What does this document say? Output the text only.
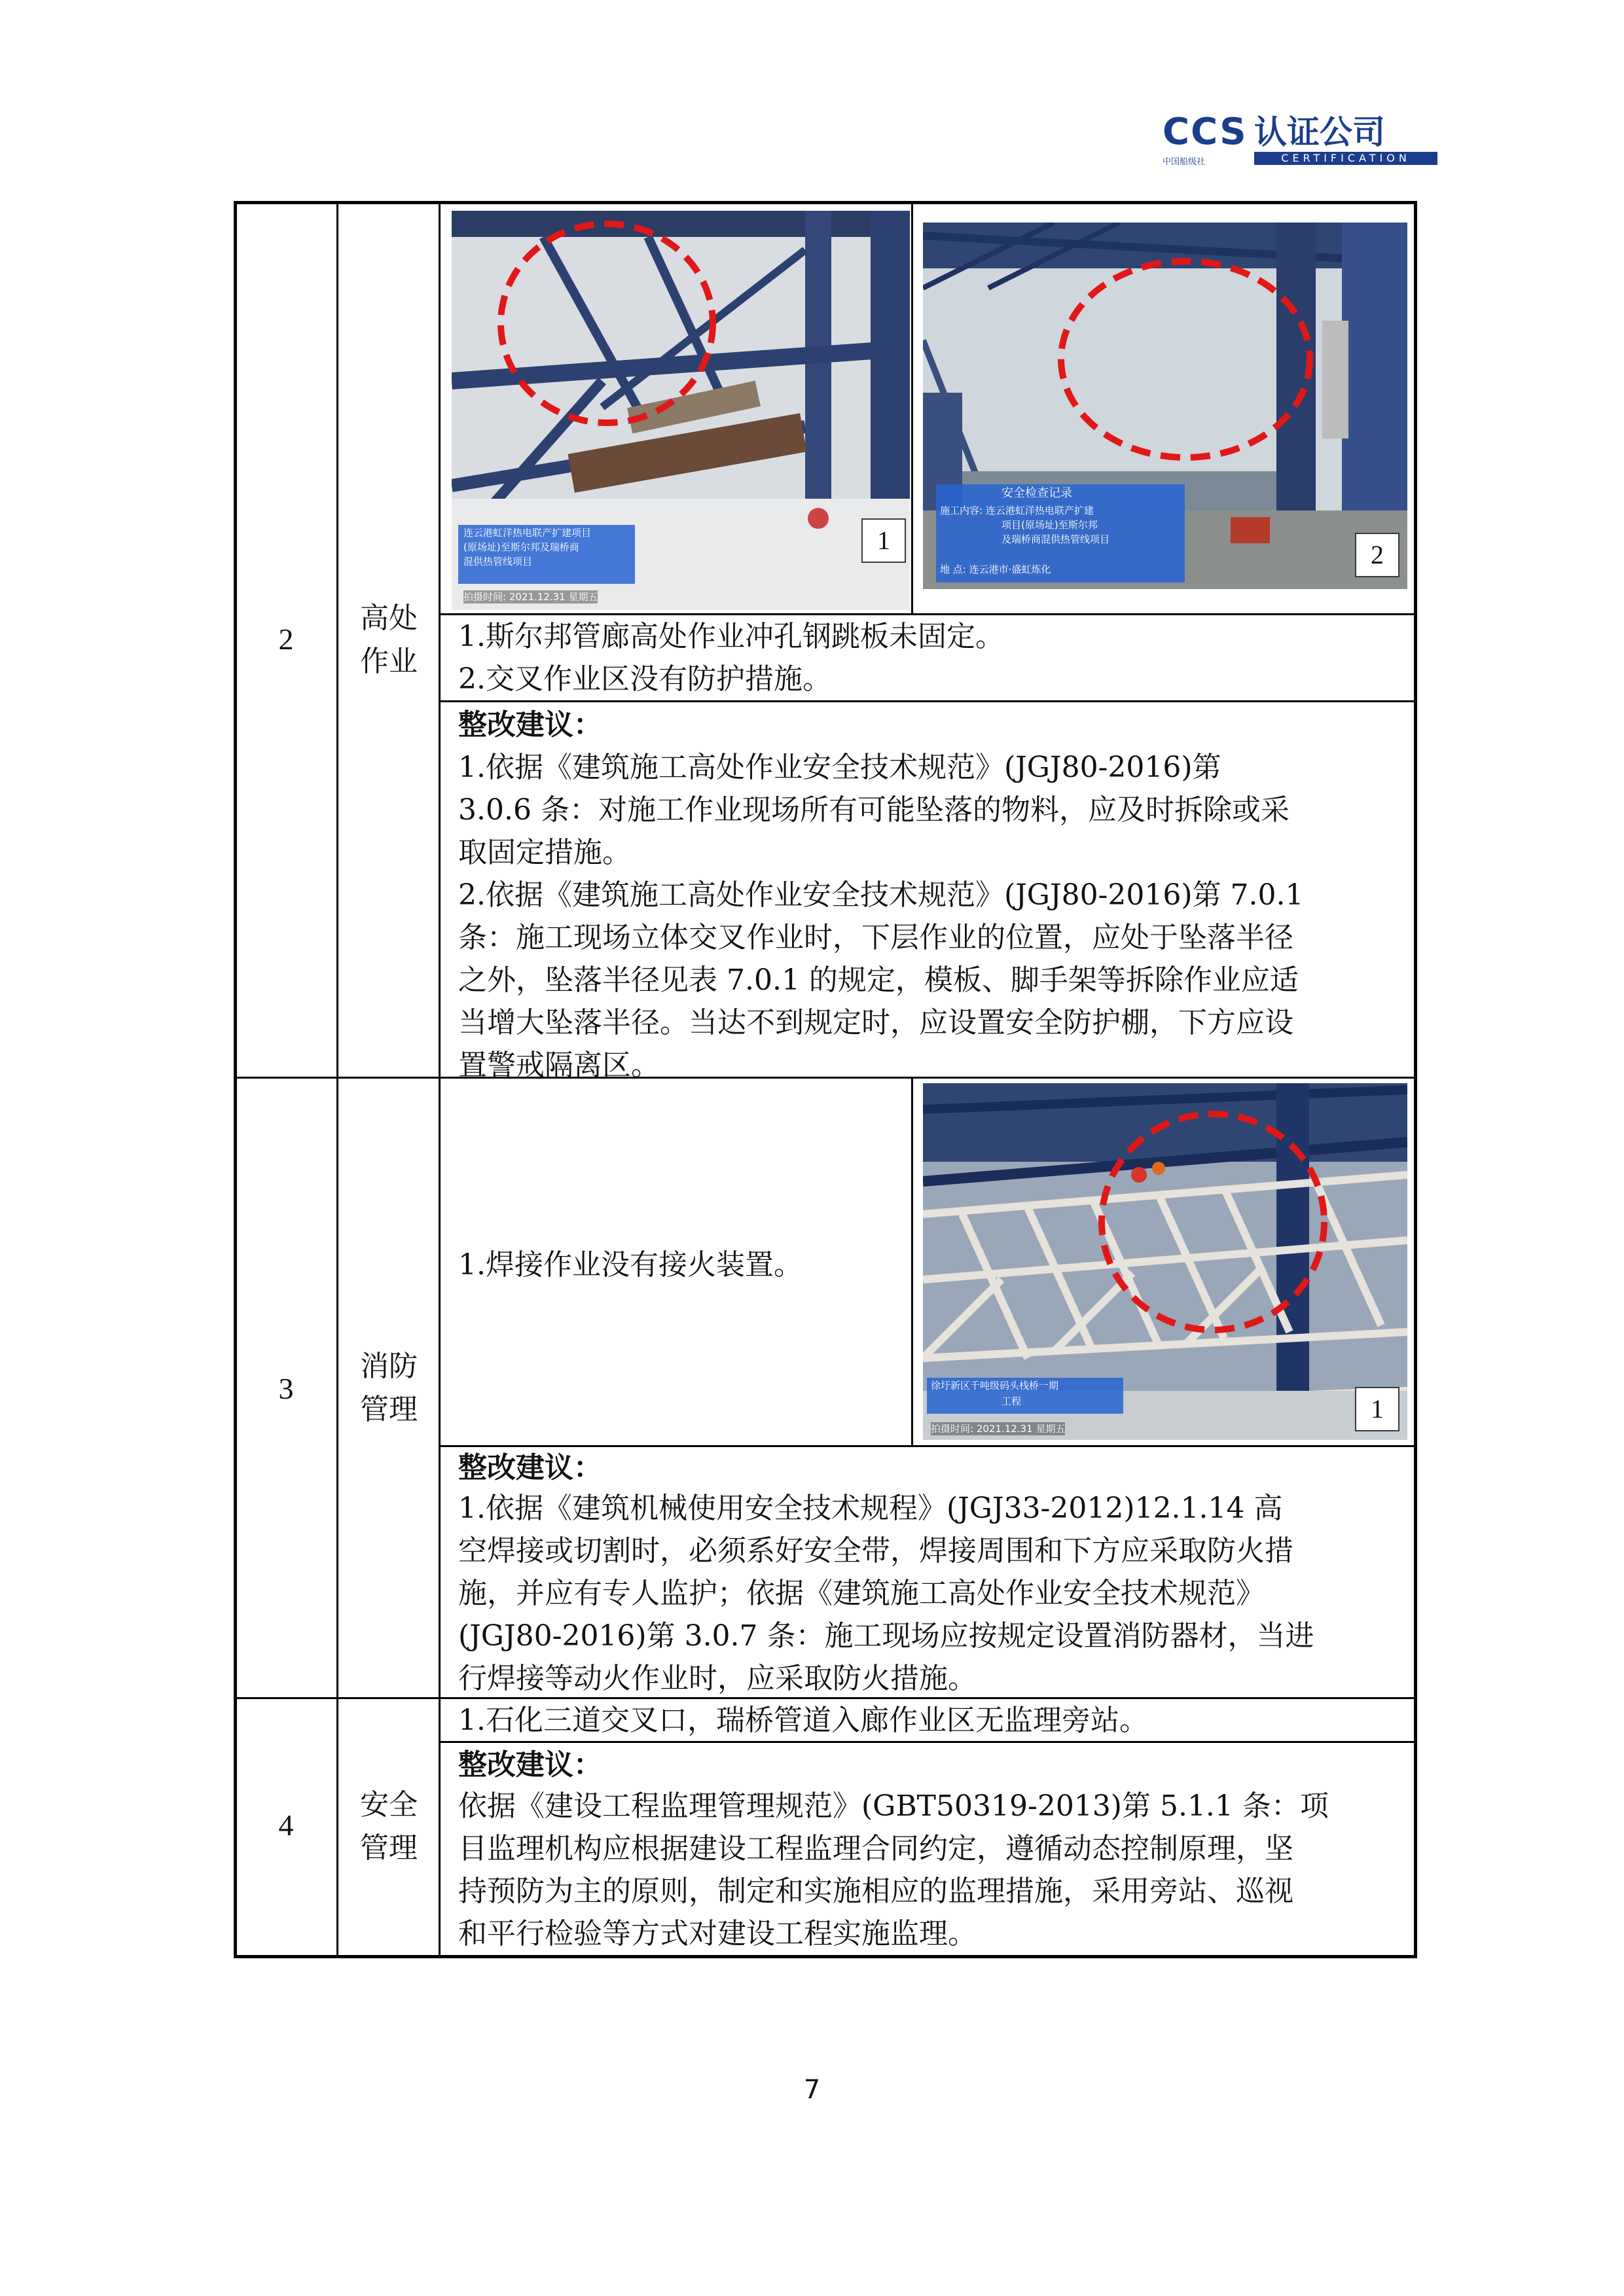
CCS 认证公司
CERTIFICATION
中国船级社
2
高处
作业
连云港虹洋热电联产扩建项目
(原场址)至斯尔邦及瑞桥商
混供热管线项目
拍摄时间: 2021.12.31 星期五
1
安全检查记录
施工内容: 连云港虹洋热电联产扩建
项目(原场址)至斯尔邦
及瑞桥商混供热管线项目
地 点: 连云港市·盛虹炼化	2
1.斯尔邦管廊高处作业冲孔钢跳板未固定。
2.交叉作业区没有防护措施。
整改建议：
1.依据《建筑施工高处作业安全技术规范》(JGJ80-2016)第
3.0.6 条：对施工作业现场所有可能坠落的物料，应及时拆除或采
取固定措施。
2.依据《建筑施工高处作业安全技术规范》(JGJ80-2016)第 7.0.1
条：施工现场立体交叉作业时，下层作业的位置，应处于坠落半径
之外，坠落半径见表 7.0.1 的规定，模板、脚手架等拆除作业应适
当增大坠落半径。当达不到规定时，应设置安全防护棚，下方应设
置警戒隔离区。
3
消防
管理
1.焊接作业没有接火装置。
徐圩新区千吨级码头栈桥一期
工程
拍摄时间: 2021.12.31 星期五
1
整改建议：
1.依据《建筑机械使用安全技术规程》(JGJ33-2012)12.1.14 高
空焊接或切割时，必须系好安全带，焊接周围和下方应采取防火措
施，并应有专人监护；依据《建筑施工高处作业安全技术规范》
(JGJ80-2016)第 3.0.7 条：施工现场应按规定设置消防器材，当进
行焊接等动火作业时，应采取防火措施。
4
安全
管理
1.石化三道交叉口，瑞桥管道入廊作业区无监理旁站。
整改建议：
依据《建设工程监理管理规范》(GBT50319-2013)第 5.1.1 条：项
目监理机构应根据建设工程监理合同约定，遵循动态控制原理，坚
持预防为主的原则，制定和实施相应的监理措施，采用旁站、巡视
和平行检验等方式对建设工程实施监理。
7
